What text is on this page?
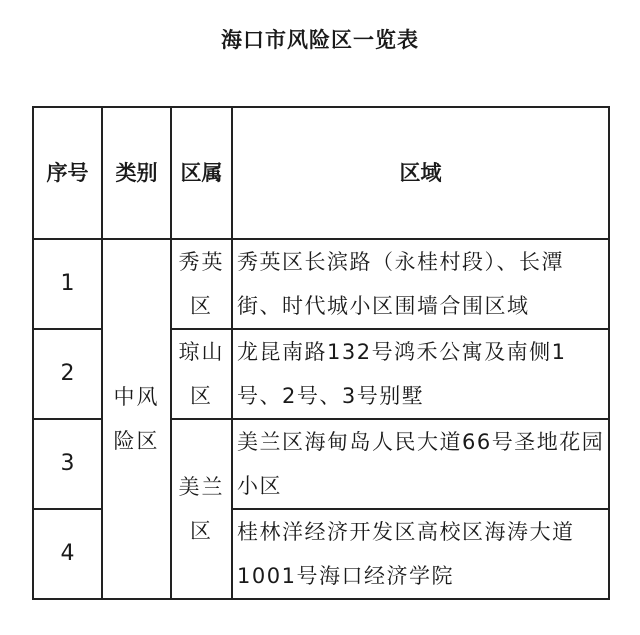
海口市风险区一览表
序号	类别	区属	区域
1	中风险区	秀英区	秀英区长滨路（永桂村段）、长潭街、时代城小区围墙合围区域
2		琼山区	龙昆南路132号鸿禾公寓及南侧1号、2号、3号别墅
3		美兰区	美兰区海甸岛人民大道66号圣地花园小区
4			桂林洋经济开发区高校区海涛大道1001号海口经济学院
